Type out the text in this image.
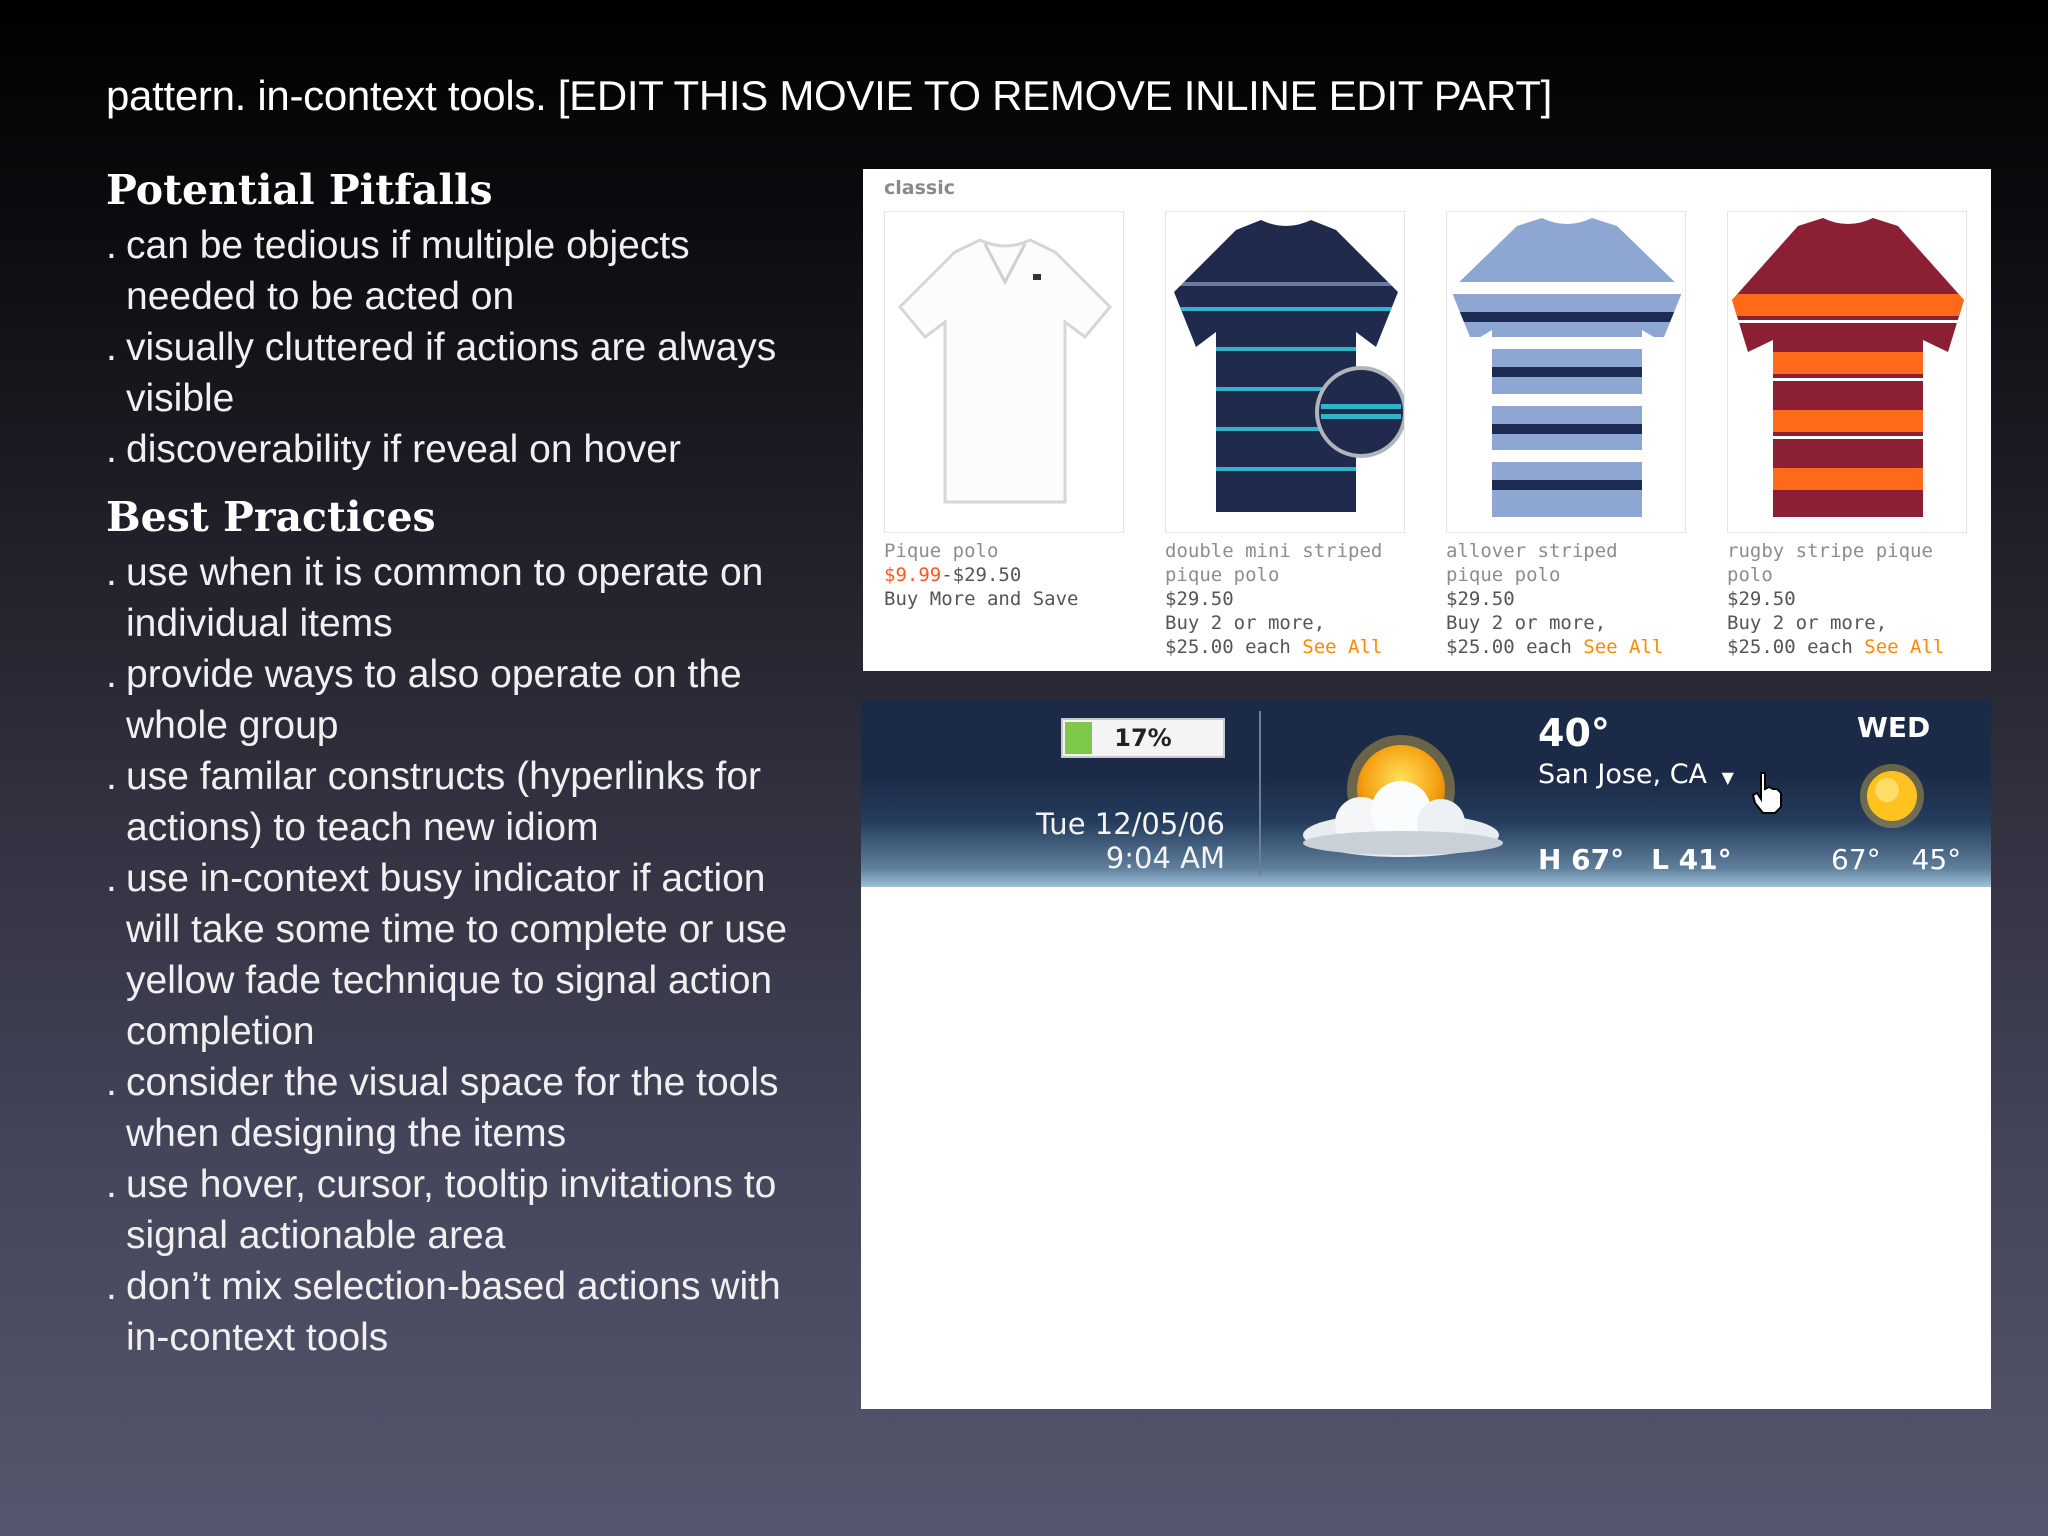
pattern. in-context tools. [EDIT THIS MOVIE TO REMOVE INLINE EDIT PART]
Potential Pitfalls
. can be tedious if multiple objects needed to be acted on
. visually cluttered if actions are always visible
. discoverability if reveal on hover
Best Practices
. use when it is common to operate on individual items
. provide ways to also operate on the whole group
. use familar constructs (hyperlinks for actions) to teach new idiom
. use in-context busy indicator if action will take some time to complete or use yellow fade technique to signal action completion
. consider the visual space for the tools when designing the items
. use hover, cursor, tooltip invitations to signal actionable area
. don’t mix selection-based actions with in-context tools
classic
Pique polo
$9.99-$29.50
Buy More and Save
double mini striped pique polo
$29.50
Buy 2 or more, $25.00 each See All
allover striped pique polo
$29.50
Buy 2 or more, $25.00 each See All
rugby stripe pique polo
$29.50
Buy 2 or more, $25.00 each See All
17%
Tue 12/05/06
9:04 AM
40°
San Jose, CA ▼
H 67° L 41°
WED
67° 45°
